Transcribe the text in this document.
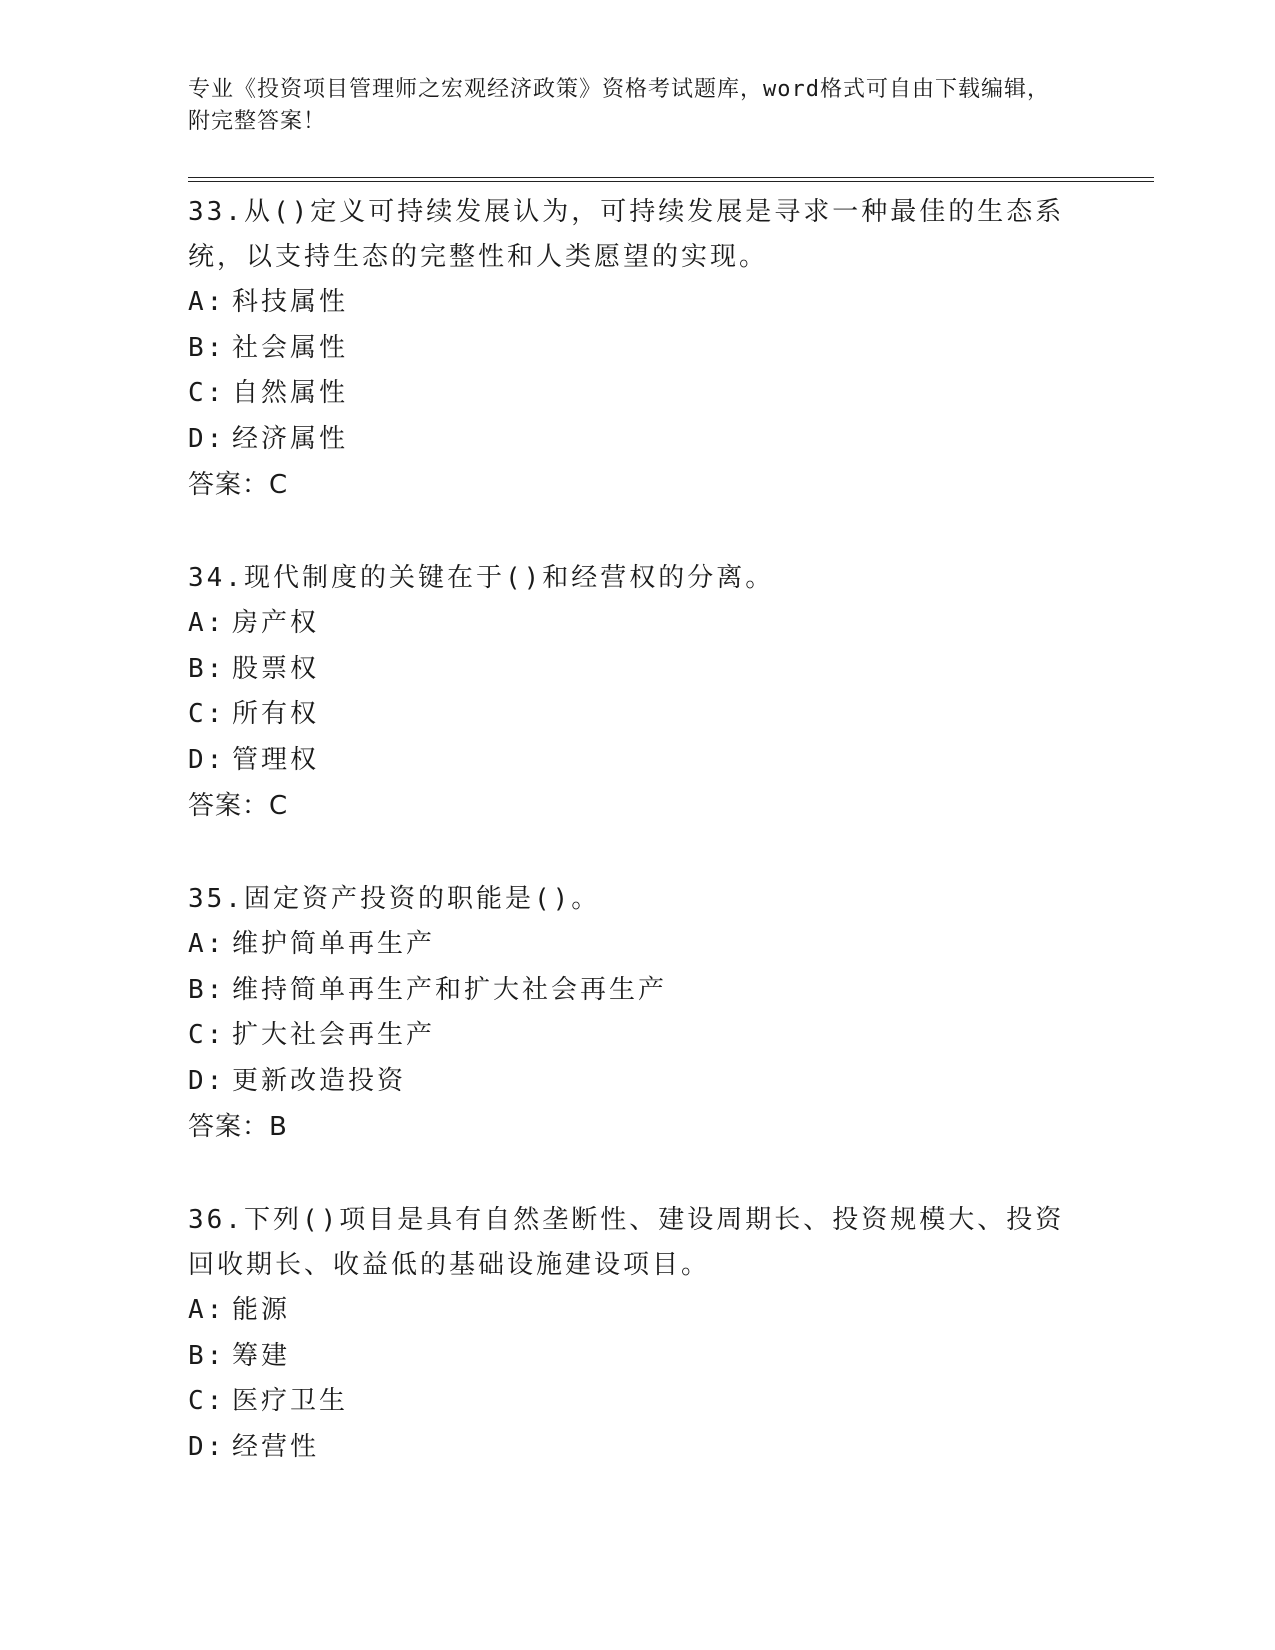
专业《投资项目管理师之宏观经济政策》资格考试题库，word格式可自由下载编辑，附完整答案！

33.从()定义可持续发展认为，可持续发展是寻求一种最佳的生态系统，以支持生态的完整性和人类愿望的实现。

A: 科技属性

B: 社会属性

C: 自然属性

D: 经济属性

答案：C

34.现代制度的关键在于()和经营权的分离。

A: 房产权

B: 股票权

C: 所有权

D: 管理权

答案：C

35.固定资产投资的职能是()。

A: 维护简单再生产

B: 维持简单再生产和扩大社会再生产

C: 扩大社会再生产

D: 更新改造投资

答案：B

36.下列()项目是具有自然垄断性、建设周期长、投资规模大、投资回收期长、收益低的基础设施建设项目。

A: 能源

B: 筹建

C: 医疗卫生

D: 经营性
